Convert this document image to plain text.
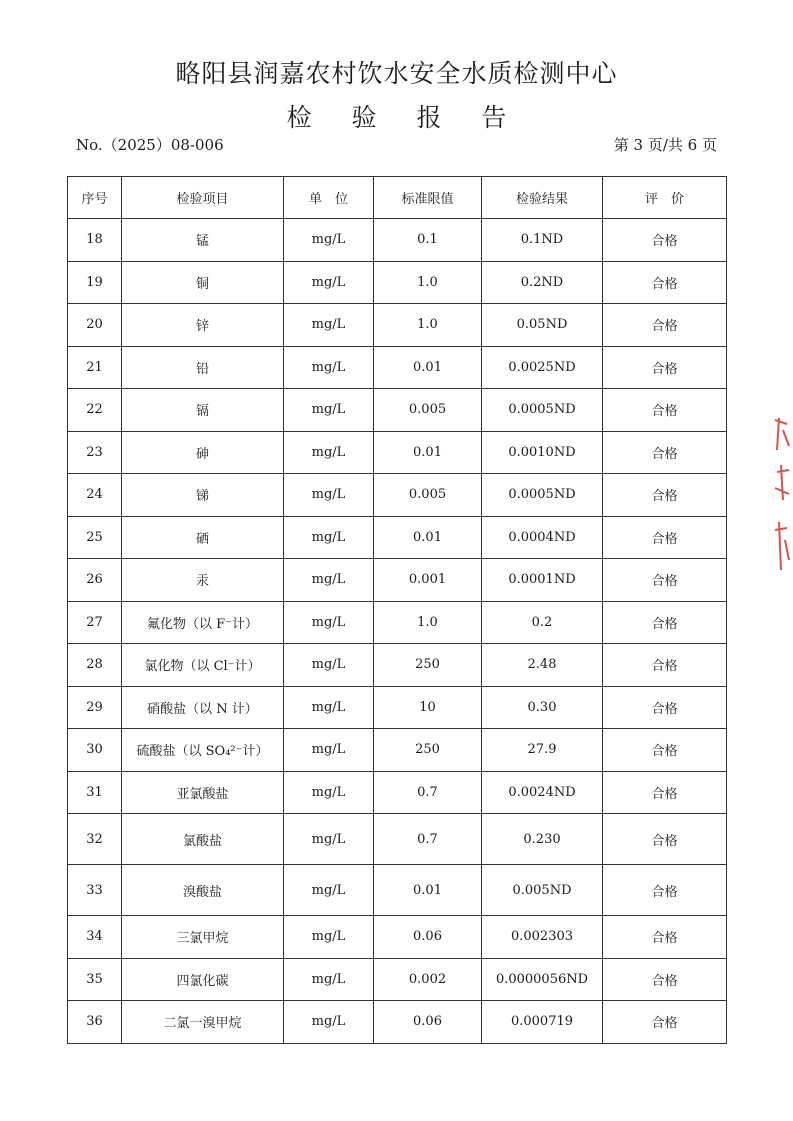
略阳县润嘉农村饮水安全水质检测中心
检 验 报 告
No.（2025）08-006	第 3 页/共 6 页
序号	检验项目	单　位	标准限值	检验结果	评　价
18	锰	mg/L	0.1	0.1ND	合格
19	铜	mg/L	1.0	0.2ND	合格
20	锌	mg/L	1.0	0.05ND	合格
21	铅	mg/L	0.01	0.0025ND	合格
22	镉	mg/L	0.005	0.0005ND	合格
23	砷	mg/L	0.01	0.0010ND	合格
24	锑	mg/L	0.005	0.0005ND	合格
25	硒	mg/L	0.01	0.0004ND	合格
26	汞	mg/L	0.001	0.0001ND	合格
27	氟化物（以 F⁻计）	mg/L	1.0	0.2	合格
28	氯化物（以 Cl⁻计）	mg/L	250	2.48	合格
29	硝酸盐（以 N 计）	mg/L	10	0.30	合格
30	硫酸盐（以 SO₄²⁻计）	mg/L	250	27.9	合格
31	亚氯酸盐	mg/L	0.7	0.0024ND	合格
32	氯酸盐	mg/L	0.7	0.230	合格
33	溴酸盐	mg/L	0.01	0.005ND	合格
34	三氯甲烷	mg/L	0.06	0.002303	合格
35	四氯化碳	mg/L	0.002	0.0000056ND	合格
36	二氯一溴甲烷	mg/L	0.06	0.000719	合格
